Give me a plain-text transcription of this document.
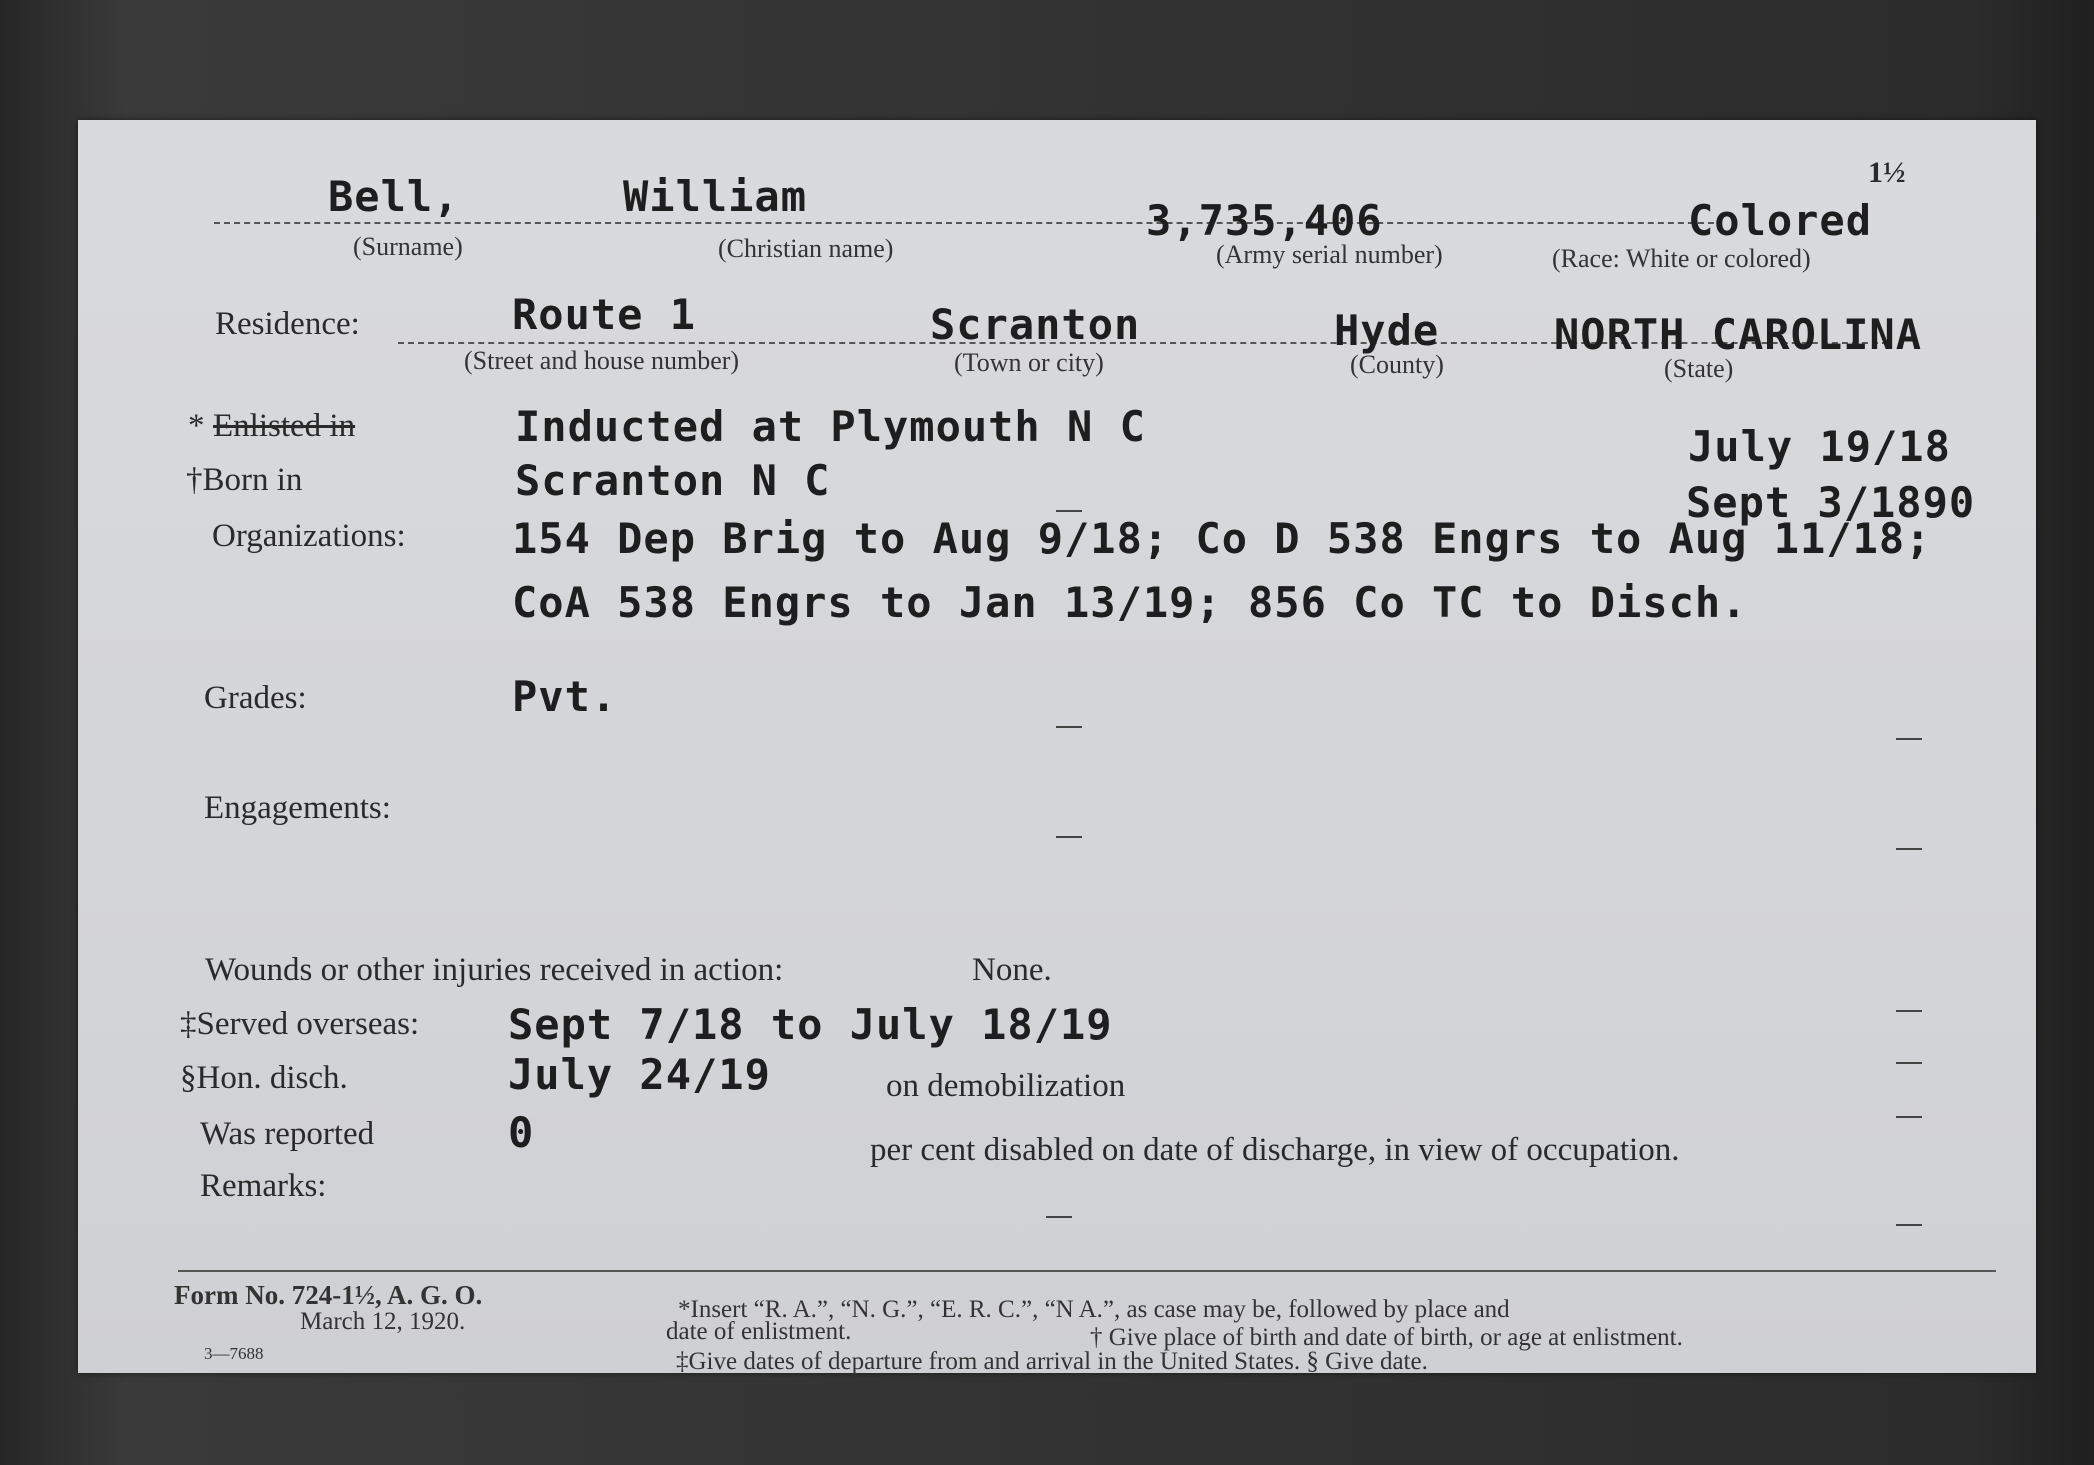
1½
Bell,
(Surname)
William
(Christian name)
3,735,406
(Army serial number)
Colored
(Race: White or colored)
Residence:	Route 1
(Street and house number)
Scranton
(Town or city)
Hyde
(County)
NORTH CAROLINA
(State)
* Enlisted in	Inducted at Plymouth N C	July 19/18
†Born in	Scranton N C	Sept 3/1890
Organizations:	154 Dep Brig to Aug 9/18; Co D 538 Engrs to Aug 11/18;
CoA 538 Engrs to Jan 13/19; 856 Co TC to Disch.
Grades:	Pvt.
Engagements:
Wounds or other injuries received in action:	None.
‡Served overseas: Sept 7/18 to July 18/19
§Hon. disch.	July 24/19	on demobilization
Was reported	0	per cent disabled on date of discharge, in view of occupation.
Remarks:
Form No. 724-1½, A. G. O.
March 12, 1920.
3—7688
*Insert “R. A.”, “N. G.”, “E. R. C.”, “N A.”, as case may be, followed by place and
date of enlistment.	† Give place of birth and date of birth, or age at enlistment.
‡Give dates of departure from and arrival in the United States. § Give date.
